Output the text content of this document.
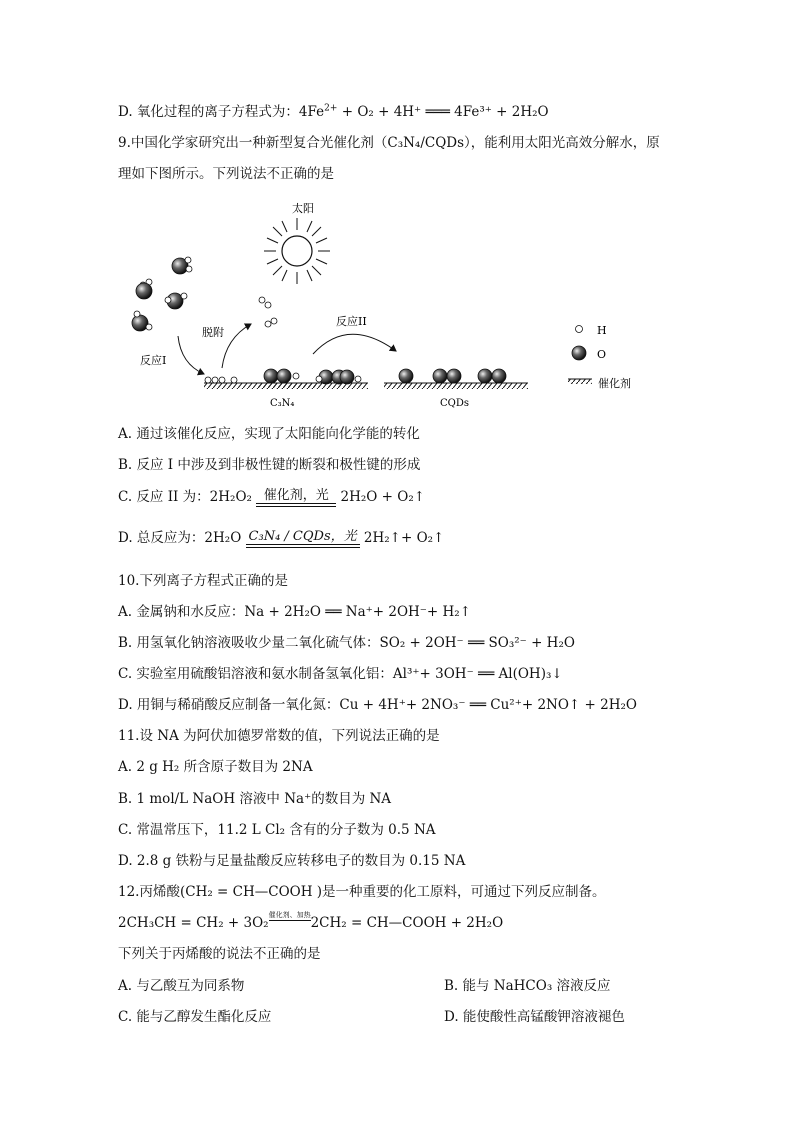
D. 氧化过程的离子方程式为：$4Fe^{2+} + O_2 + 4H^+$ ═══ 4Fe³⁺ + 2H₂O
9.中国化学家研究出一种新型复合光催化剂（C₃N₄/CQDs），能利用太阳光高效分解水，原
理如下图所示。下列说法不正确的是
太阳
反应I
脱附
反应II
C₃N₄	CQDs
H
O
催化剂
A. 通过该催化反应，实现了太阳能向化学能的转化
B. 反应 I 中涉及到非极性键的断裂和极性键的形成
C. 反应 II 为：2H₂O₂ 催化剂，光 2H₂O + O₂↑
D. 总反应为：2H₂O C₃N₄ / CQDs，光 2H₂↑+ O₂↑
10.下列离子方程式正确的是
A. 金属钠和水反应：Na + 2H₂O ══ Na⁺+ 2OH⁻+ H₂↑
B. 用氢氧化钠溶液吸收少量二氧化硫气体：SO₂ + 2OH⁻ ══ SO₃²⁻ + H₂O
C. 实验室用硫酸铝溶液和氨水制备氢氧化铝：Al³⁺+ 3OH⁻ ══ Al(OH)₃↓
D. 用铜与稀硝酸反应制备一氧化氮：Cu + 4H⁺+ 2NO₃⁻ ══ Cu²⁺+ 2NO↑ + 2H₂O
11.设 NA 为阿伏加德罗常数的值，下列说法正确的是
A. 2 g H₂ 所含原子数目为 2NA
B. 1 mol/L NaOH 溶液中 Na⁺的数目为 NA
C. 常温常压下，11.2 L Cl₂ 含有的分子数为 0.5 NA
D. 2.8 g 铁粉与足量盐酸反应转移电子的数目为 0.15 NA
12.丙烯酸(CH₂ = CH—COOH )是一种重要的化工原料，可通过下列反应制备。
2CH₃CH = CH₂ + 3O₂催化剂、加热2CH₂ = CH—COOH + 2H₂O
下列关于丙烯酸的说法不正确的是
A. 与乙酸互为同系物	B. 能与 NaHCO₃ 溶液反应
C. 能与乙醇发生酯化反应	D. 能使酸性高锰酸钾溶液褪色
